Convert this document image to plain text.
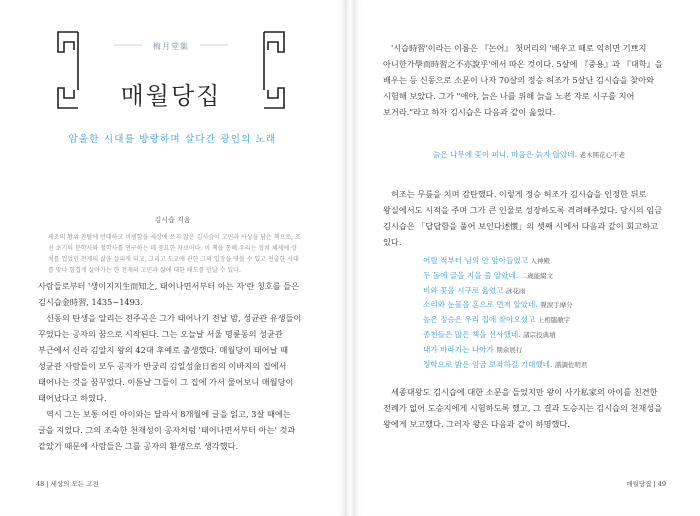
梅月堂集
매월당집
암울한 시대를 방랑하며 살다간 광인의 노래
김시습 지음

세조의 왕위 찬탈에 반대하고 비범함을 세상에 쓰지 않은 김시습이 고민과 사상을 담은 책으로, 조선 초기의 문학사와 철학사를 연구하는 데 중요한 자료이다. 이 책을 통해 우리는 정치 체제에 상처를 입었던 천재의 삶을 살피게 되고, 그리고 도교에 관한 그의 입장을 엿볼 수 있고 천출한 시대를 맞나 힘겹게 살아가는 한 천재의 고민과 삶에 대한 태도를 만날 수 있다.

사람들로부터 '생이지지生而知之, 태어나면서부터 아는 자'란 칭호를 들은 김시습金時習, 1435~1493.

신동의 탄생을 알리는 전주곡은 그가 태어나기 전날 밤, 성균관 유생들이 꾸었다는 공자의 꿈으로 시작된다. 그는 오늘날 서울 명륜동의 성균관 부근에서 신라 김알지 왕의 42대 후예로 출생했다. 매월당이 태어날 때 성균관 사람들이 모두 공자가 반궁리 김일성金日省의 이바지의 집에서 태어나는 것을 꿈꾸었다. 이튿날 그들이 그 집에 가서 물어보니 매월당이 태어났다고 하였다.

역시 그는 보통 어린 아이와는 달라서 8개월에 글을 읽고, 3살 때에는 글을 지었다. 그의 조숙한 천재성이 공자처럼 '태어나면서부터 아는' 것과 같았기 때문에 사람들은 그를 공자의 환생으로 생각했다.

48 | 세상의 모든 고전

'시습時習'이라는 이름은 『논어』 첫머리의 '배우고 때로 익히면 기쁘지 아니한가學而時習之不亦說乎'에서 따온 것이다. 5살에 『중용』과 『대학』을 배우는 등 신동으로 소문이 나자 70살의 정승 허조가 5살난 김시습을 찾아와 시험해 보았다. 그가 "애야, 늙은 나를 위해 늙을 노老 자로 시구를 지어 보거라."라고 하자 김시습은 다음과 같이 읊었다.

늙은 나무에 꽃이 피니, 마음은 늙지 않았네. 老木開花心不老

허조는 무릎을 치며 감탄했다. 이렇게 정승 허조가 김시습을 인정한 뒤로 왕실에서도 시적을 주며 그가 큰 인물로 성장하도록 격려해주었다. 당시의 임금 김시습은 「답답함을 풀어 보인다述懷」의 셋째 시에서 다음과 같이 회고하고 있다.

어릴 적부터 님의 안 앞아들였고 入神殿
두 돌에 글을 지을 줄 알았네. 二歲能綴文
비와 꽃을 시구로 읊었고 詠花雨
소리와 눈물을 흔으로 먼저 알았네. 聲淚手摩分
높은 정승은 우리 집에 찾아오셨고 上相臨敝宇
종친들은 많은 책을 선사했네. 諸宗投典墳
내가 바라기는 나아가 期余展行
정학으로 밝은 임금 보좌하길 기대했네. 諧調佐明君

세종대왕도 김시습에 대한 소문을 들었지만 왕이 사가私家의 아이를 친견한 전례가 없어 도승지에게 시험하도록 했고, 그 결과 도승지는 김시습의 천재성을 왕에게 보고했다. 그러자 왕은 다음과 같이 하명했다.

매월당집 | 49
